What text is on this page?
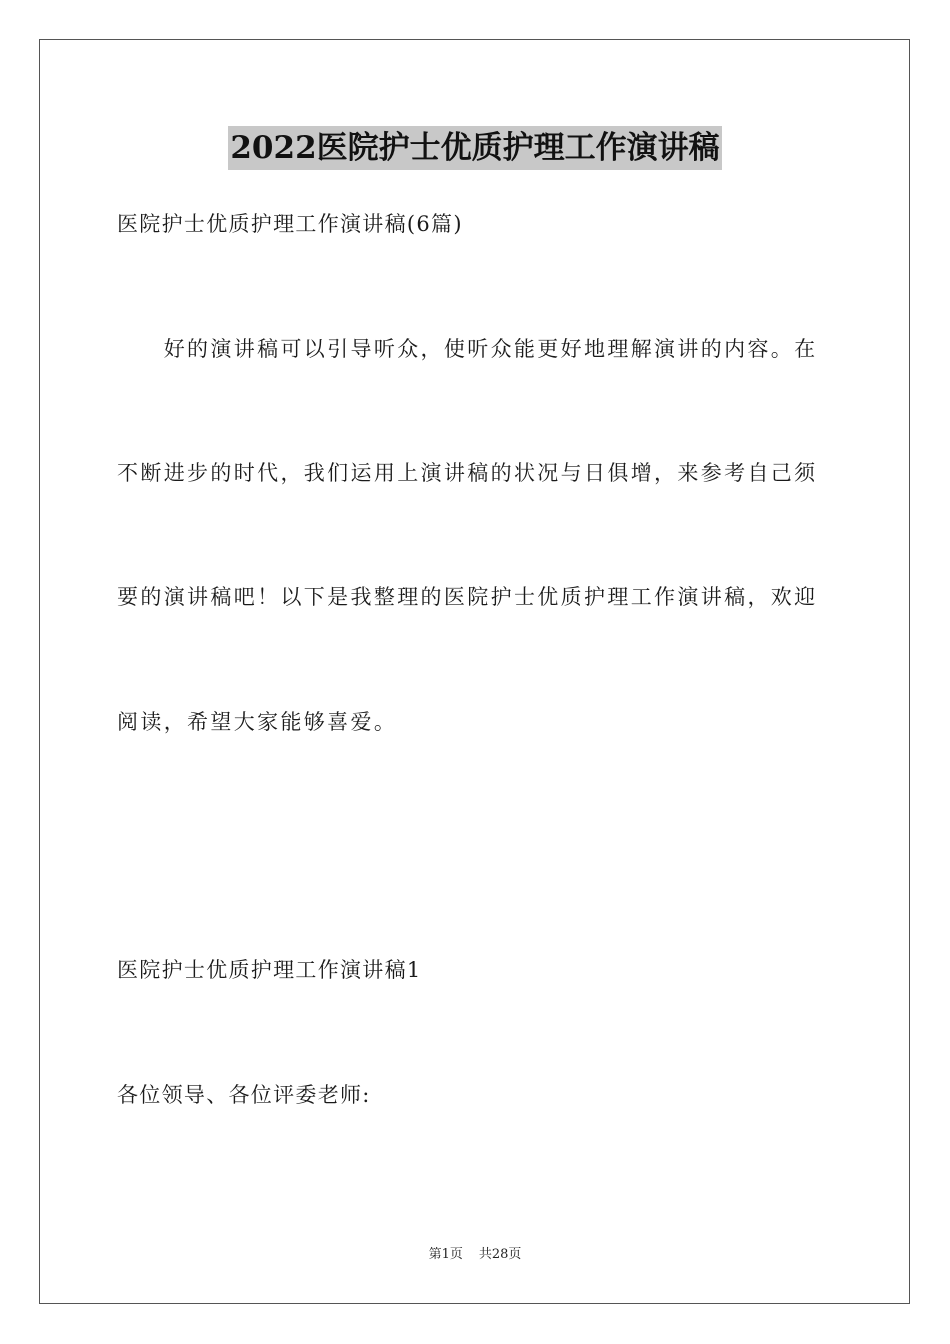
2022医院护士优质护理工作演讲稿
医院护士优质护理工作演讲稿(6篇)
　　好的演讲稿可以引导听众，使听众能更好地理解演讲的内容。在
不断进步的时代，我们运用上演讲稿的状况与日俱增，来参考自己须
要的演讲稿吧！以下是我整理的医院护士优质护理工作演讲稿，欢迎
阅读，希望大家能够喜爱。
医院护士优质护理工作演讲稿1
各位领导、各位评委老师:
第1页 共28页
